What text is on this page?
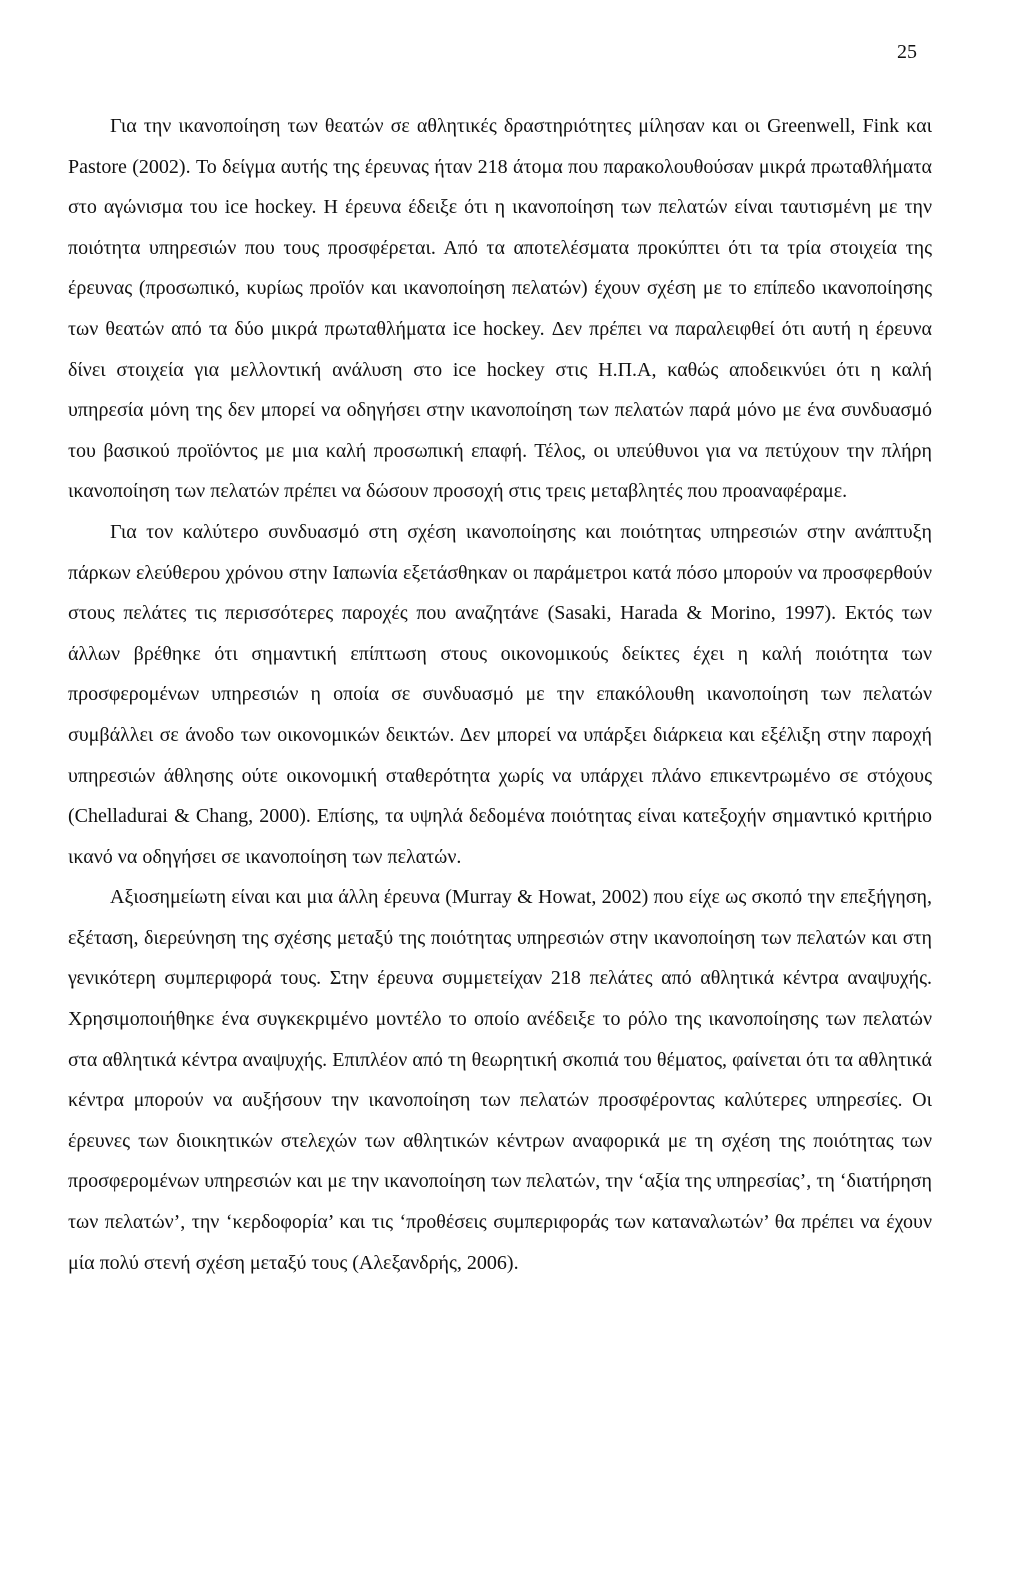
25

Για την ικανοποίηση των θεατών σε αθλητικές δραστηριότητες μίλησαν και οι Greenwell, Fink και Pastore (2002). Το δείγμα αυτής της έρευνας ήταν 218 άτομα που παρακολουθούσαν μικρά πρωταθλήματα στο αγώνισμα του ice hockey. Η έρευνα έδειξε ότι η ικανοποίηση των πελατών είναι ταυτισμένη με την ποιότητα υπηρεσιών που τους προσφέρεται. Από τα αποτελέσματα προκύπτει ότι τα τρία στοιχεία της έρευνας (προσωπικό, κυρίως προϊόν και ικανοποίηση πελατών) έχουν σχέση με το επίπεδο ικανοποίησης των θεατών από τα δύο μικρά πρωταθλήματα ice hockey. Δεν πρέπει να παραλειφθεί ότι αυτή η έρευνα δίνει στοιχεία για μελλοντική ανάλυση στο ice hockey στις Η.Π.Α, καθώς αποδεικνύει ότι η καλή υπηρεσία μόνη της δεν μπορεί να οδηγήσει στην ικανοποίηση των πελατών παρά μόνο με ένα συνδυασμό του βασικού προϊόντος με μια καλή προσωπική επαφή. Τέλος, οι υπεύθυνοι για να πετύχουν την πλήρη ικανοποίηση των πελατών πρέπει να δώσουν προσοχή στις τρεις μεταβλητές που προαναφέραμε.

Για τον καλύτερο συνδυασμό στη σχέση ικανοποίησης και ποιότητας υπηρεσιών στην ανάπτυξη πάρκων ελεύθερου χρόνου στην Ιαπωνία εξετάσθηκαν οι παράμετροι κατά πόσο μπορούν να προσφερθούν στους πελάτες τις περισσότερες παροχές που αναζητάνε (Sasaki, Harada & Morino, 1997). Εκτός των άλλων βρέθηκε ότι σημαντική επίπτωση στους οικονομικούς δείκτες έχει η καλή ποιότητα των προσφερομένων υπηρεσιών η οποία σε συνδυασμό με την επακόλουθη ικανοποίηση των πελατών συμβάλλει σε άνοδο των οικονομικών δεικτών. Δεν μπορεί να υπάρξει διάρκεια και εξέλιξη στην παροχή υπηρεσιών άθλησης ούτε οικονομική σταθερότητα χωρίς να υπάρχει πλάνο επικεντρωμένο σε στόχους (Chelladurai & Chang, 2000). Επίσης, τα υψηλά δεδομένα ποιότητας είναι κατεξοχήν σημαντικό κριτήριο ικανό να οδηγήσει σε ικανοποίηση των πελατών.

Αξιοσημείωτη είναι και μια άλλη έρευνα (Murray & Howat, 2002) που είχε ως σκοπό την επεξήγηση, εξέταση, διερεύνηση της σχέσης μεταξύ της ποιότητας υπηρεσιών στην ικανοποίηση των πελατών και στη γενικότερη συμπεριφορά τους. Στην έρευνα συμμετείχαν 218 πελάτες από αθλητικά κέντρα αναψυχής. Χρησιμοποιήθηκε ένα συγκεκριμένο μοντέλο το οποίο ανέδειξε το ρόλο της ικανοποίησης των πελατών στα αθλητικά κέντρα αναψυχής. Επιπλέον από τη θεωρητική σκοπιά του θέματος, φαίνεται ότι τα αθλητικά κέντρα μπορούν να αυξήσουν την ικανοποίηση των πελατών προσφέροντας καλύτερες υπηρεσίες. Οι έρευνες των διοικητικών στελεχών των αθλητικών κέντρων αναφορικά με τη σχέση της ποιότητας των προσφερομένων υπηρεσιών και με την ικανοποίηση των πελατών, την ‘αξία της υπηρεσίας’, τη ‘διατήρηση των πελατών’, την ‘κερδοφορία’ και τις ‘προθέσεις συμπεριφοράς των καταναλωτών’ θα πρέπει να έχουν μία πολύ στενή σχέση μεταξύ τους (Αλεξανδρής, 2006).
